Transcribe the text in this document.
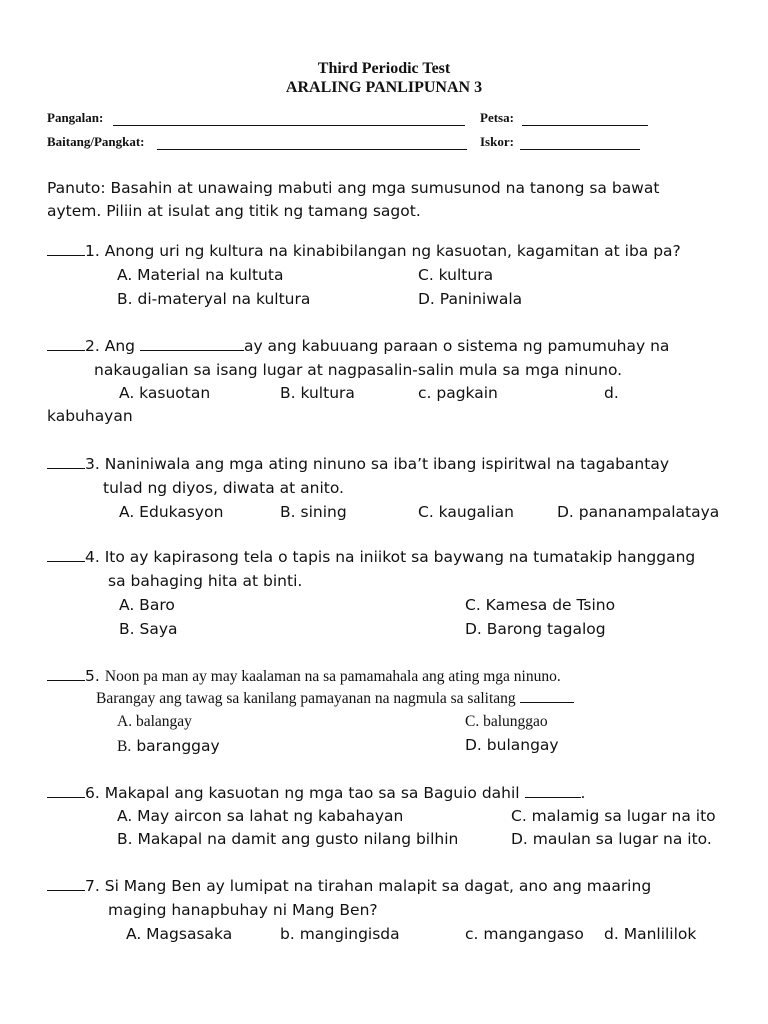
Third Periodic Test
ARALING PANLIPUNAN 3
Pangalan:	Petsa:
Baitang/Pangkat:	Iskor:
Panuto: Basahin at unawaing mabuti ang mga sumusunod na tanong sa bawat
aytem. Piliin at isulat ang titik ng tamang sagot.
1. Anong uri ng kultura na kinabibilangan ng kasuotan, kagamitan at iba pa?
A. Material na kultuta	C. kultura
B. di-materyal na kultura	D. Paniniwala
2. Ang	ay ang kabuuang paraan o sistema ng pamumuhay na
nakaugalian sa isang lugar at nagpasalin-salin mula sa mga ninuno.
A. kasuotan	B. kultura	c. pagkain	d.
kabuhayan
3. Naniniwala ang mga ating ninuno sa iba’t ibang ispiritwal na tagabantay
tulad ng diyos, diwata at anito.
A. Edukasyon	B. sining	C. kaugalian	D. pananampalataya
4. Ito ay kapirasong tela o tapis na iniikot sa baywang na tumatakip hanggang
sa bahaging hita at binti.
A. Baro	C. Kamesa de Tsino
B. Saya	D. Barong tagalog
5. Noon pa man ay may kaalaman na sa pamamahala ang ating mga ninuno.
Barangay ang tawag sa kanilang pamayanan na nagmula sa salitang
A. balangay	C. balunggao
B. baranggay	D. bulangay
6. Makapal ang kasuotan ng mga tao sa sa Baguio dahil	.
A. May aircon sa lahat ng kabahayan	C. malamig sa lugar na ito
B. Makapal na damit ang gusto nilang bilhin	D. maulan sa lugar na ito.
7. Si Mang Ben ay lumipat na tirahan malapit sa dagat, ano ang maaring
maging hanapbuhay ni Mang Ben?
A. Magsasaka	b. mangingisda	c. mangangaso d. Manlililok
